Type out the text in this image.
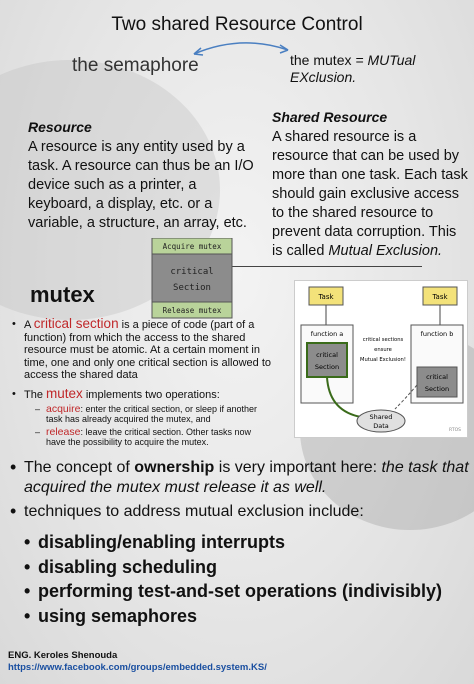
Two shared Resource Control
the semaphore	the mutex = MUTual
EXclusion.
Resource
A resource is any entity used by a task. A resource can thus be an I/O device such as a printer, a keyboard, a display, etc. or a variable, a structure, an array, etc.
Shared Resource
A shared resource is a resource that can be used by more than one task. Each task should gain exclusive access to the shared resource to prevent data corruption. This is called Mutual Exclusion.
Acquire mutex
critical
Section
Release mutex
mutex
• A critical section is a piece of code (part of a function) from which the access to the shared resource must be atomic. At a certain moment in time, one and only one critical section is allowed to access the shared data
• The mutex implements two operations:
– acquire: enter the critical section, or sleep if another task has already acquired the mutex, and
– release: leave the critical section. Other tasks now have the possibility to acquire the mutex.
Task	Task
function a
critical
Section
function b
critical
Section
critical sections
ensure
Mutual Exclusion!
Shared
Data
RTOS
• The concept of ownership is very important here: the task that acquired the mutex must release it as well.
• techniques to address mutual exclusion include:
• disabling/enabling interrupts
• disabling scheduling
• performing test-and-set operations (indivisibly)
• using semaphores
ENG. Keroles Shenouda
https://www.facebook.com/groups/embedded.system.KS/
